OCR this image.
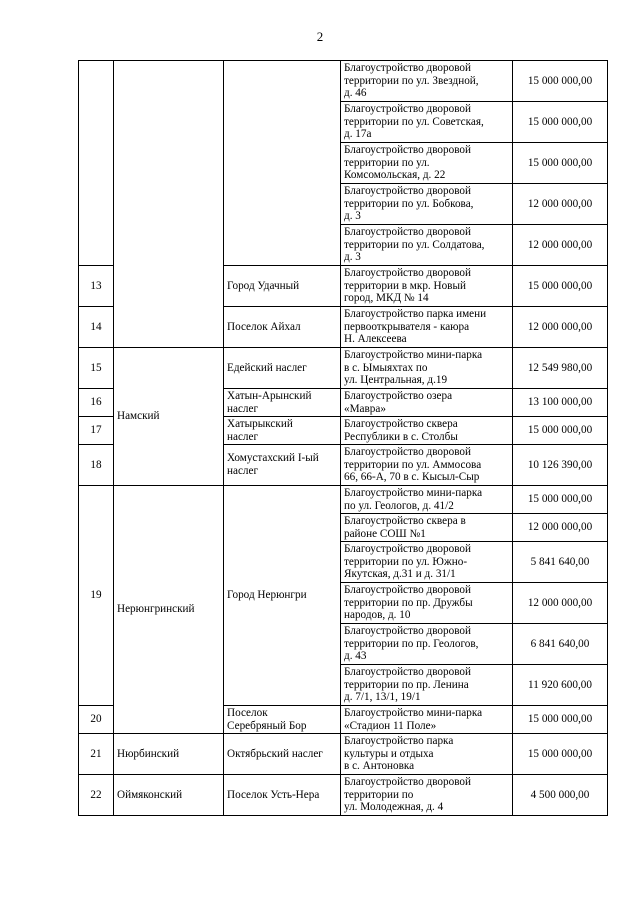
2

			Благоустройство дворовой
территории по ул. Звездной,
д. 46	15 000 000,00

			Благоустройство дворовой
территории по ул. Советская,
д. 17а	15 000 000,00

			Благоустройство дворовой
территории по ул.
Комсомольская, д. 22	15 000 000,00

			Благоустройство дворовой
территории по ул. Бобкова,
д. 3	12 000 000,00

			Благоустройство дворовой
территории по ул. Солдатова,
д. 3	12 000 000,00
13		Город Удачный	Благоустройство дворовой
территории в мкр. Новый
город, МКД № 14	15 000 000,00
14		Поселок Айхал	Благоустройство парка имени
первооткрывателя - каюра
Н. Алексеева	12 000 000,00
15	Намский	Едейский наслег	Благоустройство мини-парка
в с. Ымыяхтах по
ул. Центральная, д.19	12 549 980,00
16		Хатын-Арынский
наслег	Благоустройство озера
«Мавра»	13 100 000,00
17		Хатырыкский
наслег	Благоустройство сквера
Республики в с. Столбы	15 000 000,00
18		Хомустахский I-ый
наслег	Благоустройство дворовой
территории по ул. Аммосова
66, 66-А, 70 в с. Кысыл-Сыр	10 126 390,00
19	Нерюнгринский	Город Нерюнгри	Благоустройство мини-парка
по ул. Геологов, д. 41/2	15 000 000,00

			Благоустройство сквера в
районе СОШ №1	12 000 000,00

			Благоустройство дворовой
территории по ул. Южно-
Якутская, д.31 и д. 31/1	5 841 640,00

			Благоустройство дворовой
территории по пр. Дружбы
народов, д. 10	12 000 000,00

			Благоустройство дворовой
территории по пр. Геологов,
д. 43	6 841 640,00

			Благоустройство дворовой
территории по пр. Ленина
д. 7/1, 13/1, 19/1	11 920 600,00
20		Поселок
Серебряный Бор	Благоустройство мини-парка
«Стадион 11 Поле»	15 000 000,00
21	Нюрбинский	Октябрьский наслег	Благоустройство парка
культуры и отдыха
в с. Антоновка	15 000 000,00
22	Оймяконский	Поселок Усть-Нера	Благоустройство дворовой
территории по
ул. Молодежная, д. 4	4 500 000,00
